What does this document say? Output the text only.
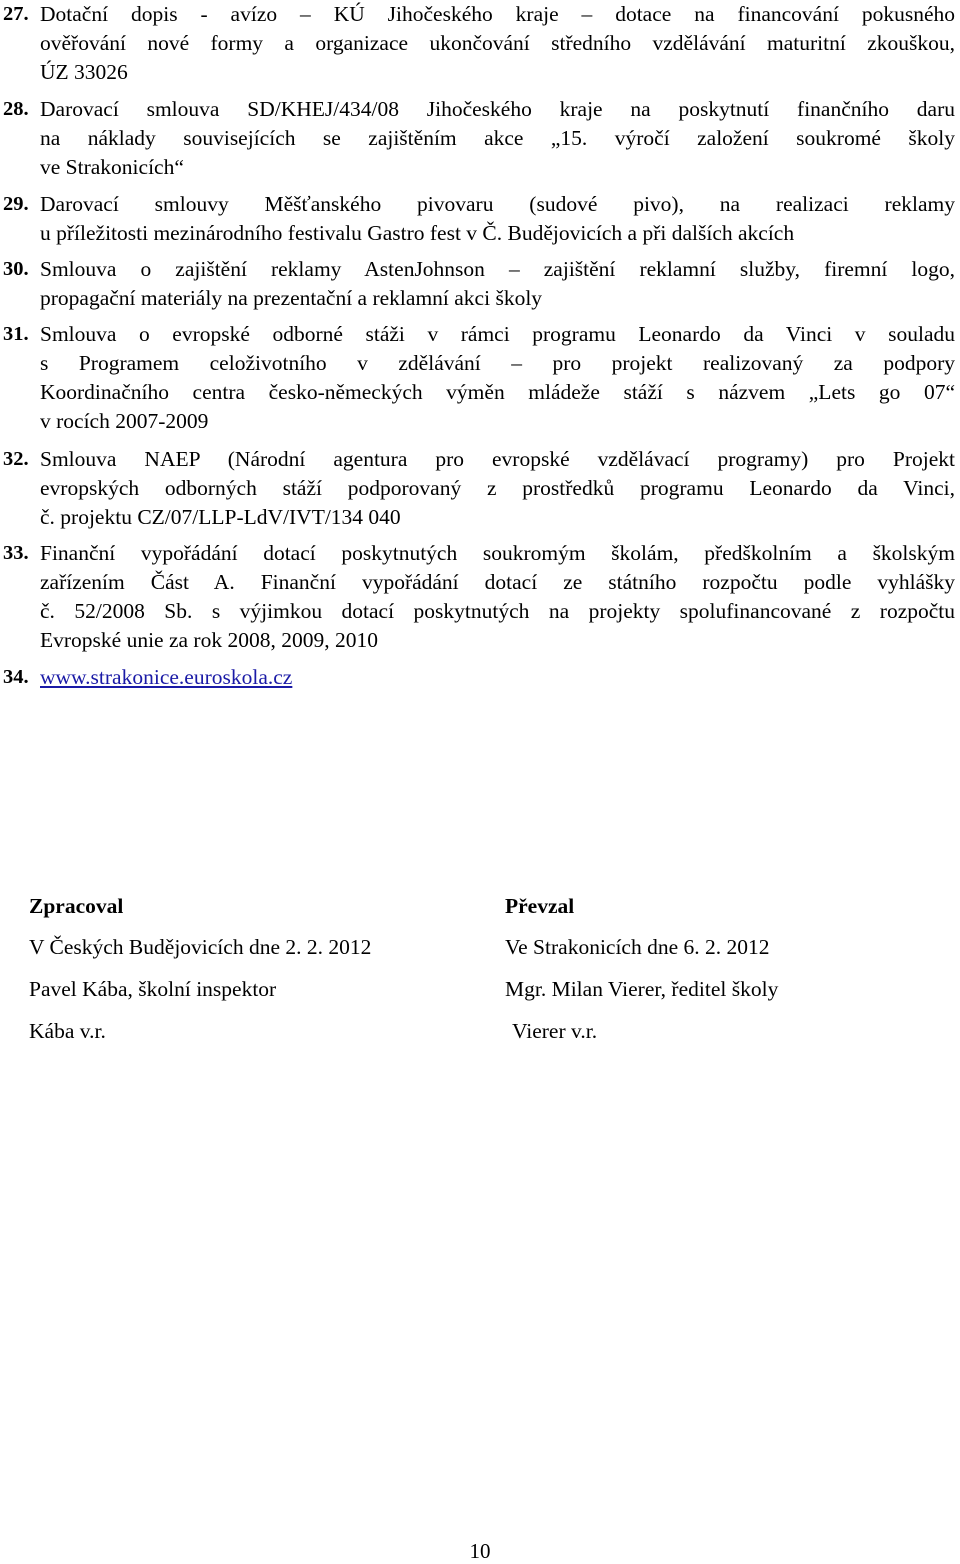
27. Dotační dopis - avízo – KÚ Jihočeského kraje – dotace na financování pokusného
ověřování nové formy a organizace ukončování středního vzdělávání maturitní zkouškou,
ÚZ 33026
28. Darovací smlouva SD/KHEJ/434/08 Jihočeského kraje na poskytnutí finančního daru
na náklady souvisejících se zajištěním akce „15. výročí založení soukromé školy
ve Strakonicích“
29. Darovací smlouvy Měšťanského pivovaru (sudové pivo), na realizaci reklamy
u příležitosti mezinárodního festivalu Gastro fest v Č. Budějovicích a při dalších akcích
30. Smlouva o zajištění reklamy AstenJohnson – zajištění reklamní služby, firemní logo,
propagační materiály na prezentační a reklamní akci školy
31. Smlouva o evropské odborné stáži v rámci programu Leonardo da Vinci v souladu
s Programem celoživotního v zdělávání – pro projekt realizovaný za podpory
Koordinačního centra česko-německých výměn mládeže stáží s názvem „Lets go 07“
v rocích 2007-2009
32. Smlouva NAEP (Národní agentura pro evropské vzdělávací programy) pro Projekt
evropských odborných stáží podporovaný z prostředků programu Leonardo da Vinci,
č. projektu CZ/07/LLP-LdV/IVT/134 040
33. Finanční vypořádání dotací poskytnutých soukromým školám, předškolním a školským
zařízením Část A. Finanční vypořádání dotací ze státního rozpočtu podle vyhlášky
č. 52/2008 Sb. s výjimkou dotací poskytnutých na projekty spolufinancované z rozpočtu
Evropské unie za rok 2008, 2009, 2010
34. www.strakonice.euroskola.cz
Zpracoval
V Českých Budějovicích dne 2. 2. 2012
Pavel Kába, školní inspektor
Kába v.r.
Převzal
Ve Strakonicích dne 6. 2. 2012
Mgr. Milan Vierer, ředitel školy
Vierer v.r.
10
